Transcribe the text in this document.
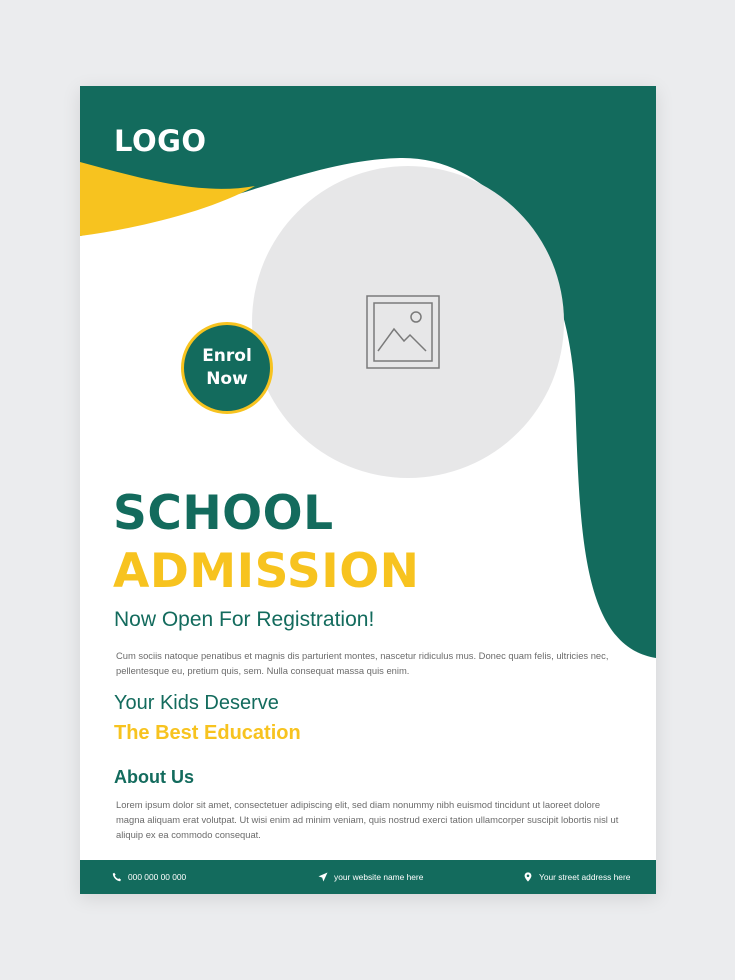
LOGO
Enrol
Now
SCHOOL
ADMISSION
Now Open For Registration!
Cum sociis natoque penatibus et magnis dis parturient montes, nascetur ridiculus mus. Donec quam felis, ultricies nec, pellentesque eu, pretium quis, sem. Nulla consequat massa quis enim.
Your Kids Deserve
The Best Education
About Us
Lorem ipsum dolor sit amet, consectetuer adipiscing elit, sed diam nonummy nibh euismod tincidunt ut laoreet dolore magna aliquam erat volutpat. Ut wisi enim ad minim veniam, quis nostrud exerci tation ullamcorper suscipit lobortis nisl ut aliquip ex ea commodo consequat.
000 000 00 000	your website name here	Your street address here
